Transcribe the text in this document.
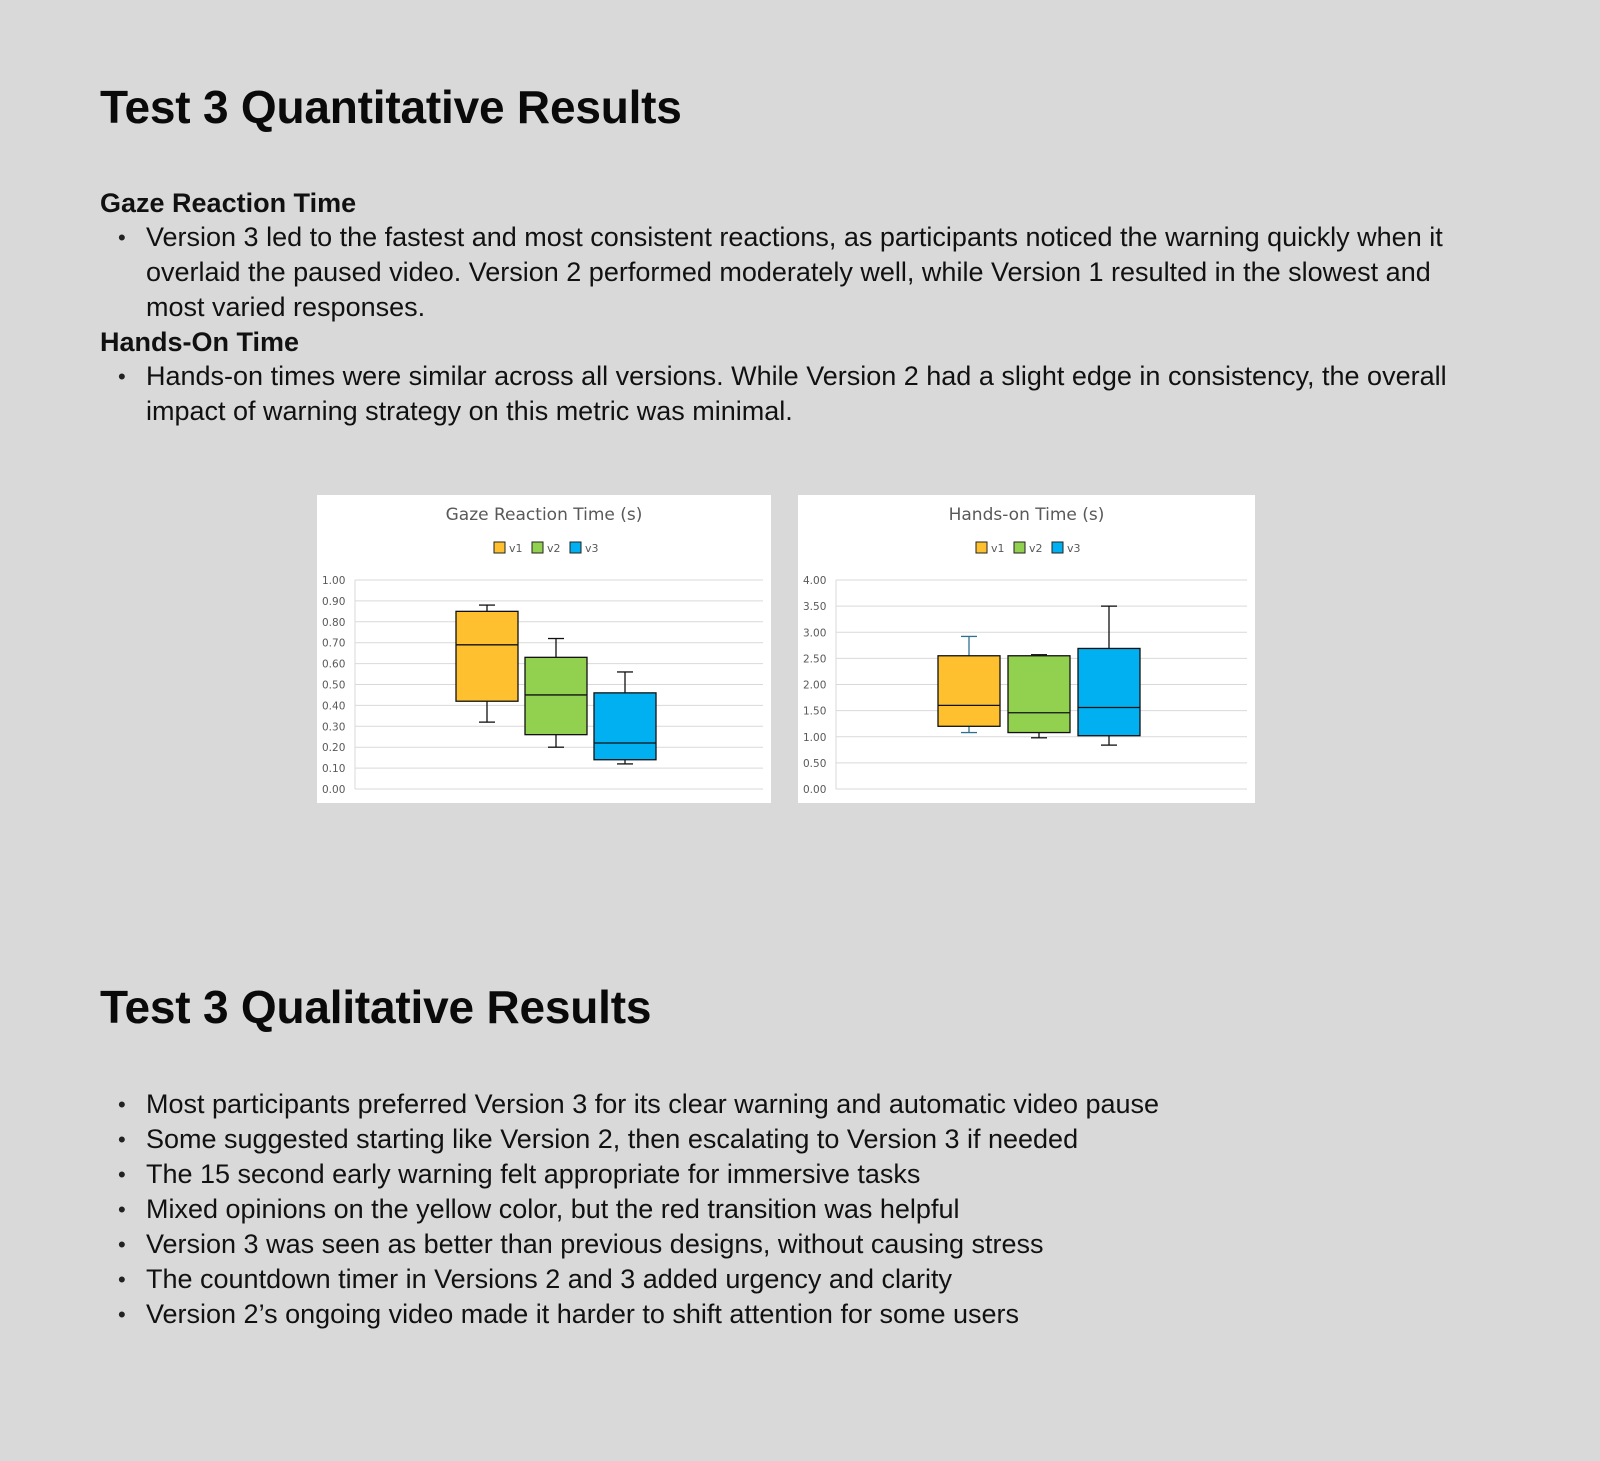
Test 3 Quantitative Results

Gaze Reaction Time

• Version 3 led to the fastest and most consistent reactions, as participants noticed the warning quickly when it overlaid the paused video. Version 2 performed moderately well, while Version 1 resulted in the slowest and most varied responses.

Hands-On Time

• Hands-on times were similar across all versions. While Version 2 had a slight edge in consistency, the overall impact of warning strategy on this metric was minimal.
Gaze Reaction Time (s)
v1 v2 v3
0.00
0.10
0.20
0.30
0.40
0.50
0.60
0.70
0.80
0.90
1.00
Hands-on Time (s)
v1 v2 v3
0.00
0.50
1.00
1.50
2.00
2.50
3.00
3.50
4.00
Test 3 Qualitative Results
• Most participants preferred Version 3 for its clear warning and automatic video pause
• Some suggested starting like Version 2, then escalating to Version 3 if needed
• The 15 second early warning felt appropriate for immersive tasks
• Mixed opinions on the yellow color, but the red transition was helpful
• Version 3 was seen as better than previous designs, without causing stress
• The countdown timer in Versions 2 and 3 added urgency and clarity
• Version 2’s ongoing video made it harder to shift attention for some users
